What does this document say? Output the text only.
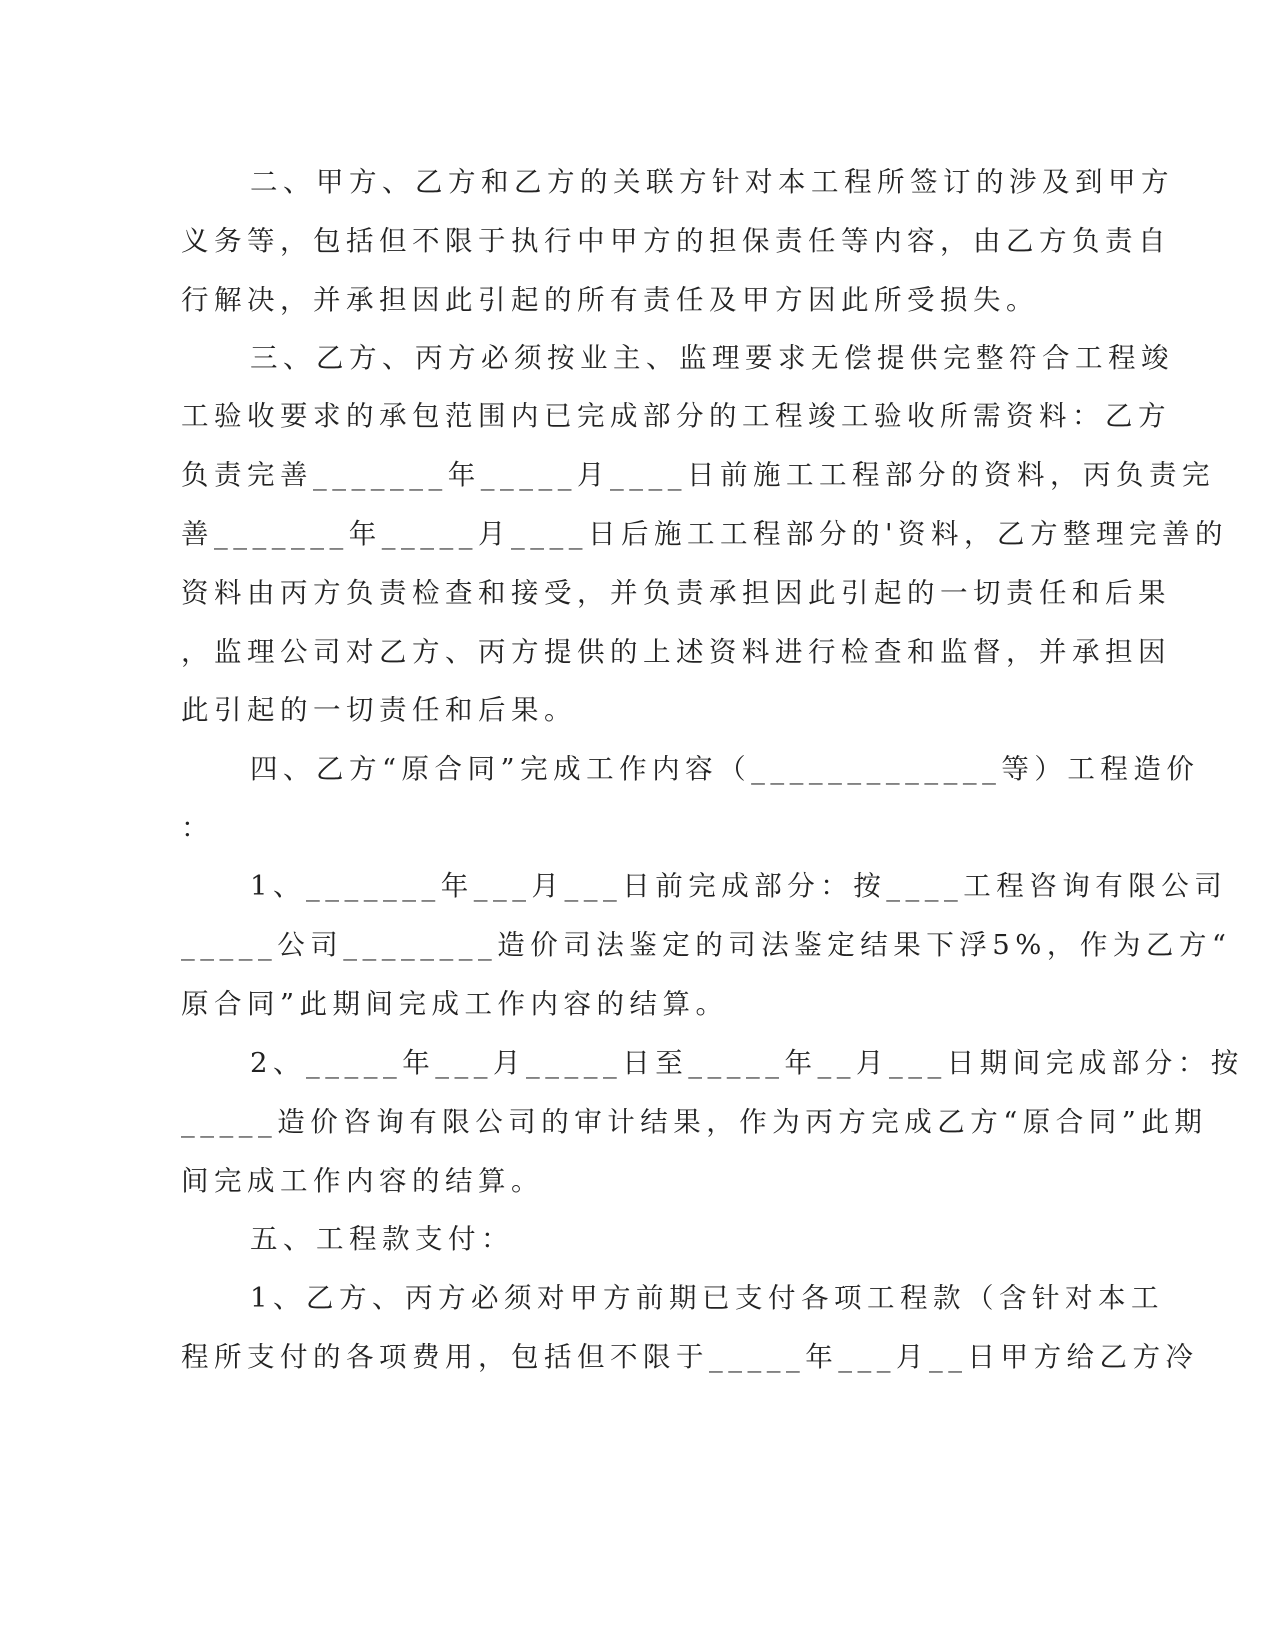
二、甲方、乙方和乙方的关联方针对本工程所签订的涉及到甲方
义务等，包括但不限于执行中甲方的担保责任等内容，由乙方负责自
行解决，并承担因此引起的所有责任及甲方因此所受损失。
三、乙方、丙方必须按业主、监理要求无偿提供完整符合工程竣
工验收要求的承包范围内已完成部分的工程竣工验收所需资料：乙方
负责完善_______年_____月____日前施工工程部分的资料，丙负责完
善_______年_____月____日后施工工程部分的'资料，乙方整理完善的
资料由丙方负责检查和接受，并负责承担因此引起的一切责任和后果
，监理公司对乙方、丙方提供的上述资料进行检查和监督，并承担因
此引起的一切责任和后果。
四、乙方“原合同”完成工作内容（_____________等）工程造价
：
1、_______年___月___日前完成部分：按____工程咨询有限公司
_____公司________造价司法鉴定的司法鉴定结果下浮5%，作为乙方“
原合同”此期间完成工作内容的结算。
2、_____年___月_____日至_____年__月___日期间完成部分：按
_____造价咨询有限公司的审计结果，作为丙方完成乙方“原合同”此期
间完成工作内容的结算。
五、工程款支付：
1、乙方、丙方必须对甲方前期已支付各项工程款（含针对本工
程所支付的各项费用，包括但不限于_____年___月__日甲方给乙方冷
